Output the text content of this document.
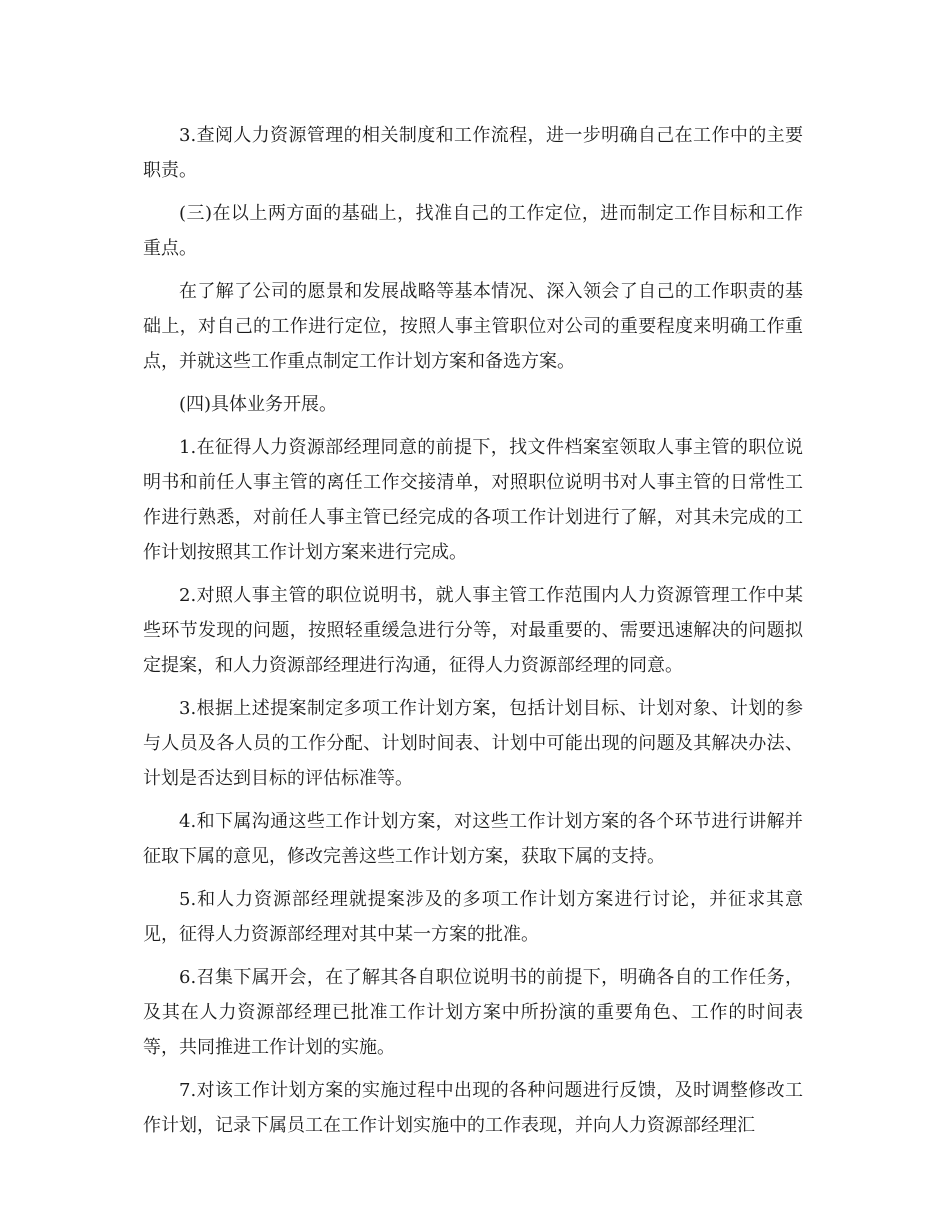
3.查阅人力资源管理的相关制度和工作流程，进一步明确自己在工作中的主要职责。

(三)在以上两方面的基础上，找准自己的工作定位，进而制定工作目标和工作重点。

在了解了公司的愿景和发展战略等基本情况、深入领会了自己的工作职责的基础上，对自己的工作进行定位，按照人事主管职位对公司的重要程度来明确工作重点，并就这些工作重点制定工作计划方案和备选方案。

(四)具体业务开展。

1.在征得人力资源部经理同意的前提下，找文件档案室领取人事主管的职位说明书和前任人事主管的离任工作交接清单，对照职位说明书对人事主管的日常性工作进行熟悉，对前任人事主管已经完成的各项工作计划进行了解，对其未完成的工作计划按照其工作计划方案来进行完成。

2.对照人事主管的职位说明书，就人事主管工作范围内人力资源管理工作中某些环节发现的问题，按照轻重缓急进行分等，对最重要的、需要迅速解决的问题拟定提案，和人力资源部经理进行沟通，征得人力资源部经理的同意。

3.根据上述提案制定多项工作计划方案，包括计划目标、计划对象、计划的参与人员及各人员的工作分配、计划时间表、计划中可能出现的问题及其解决办法、计划是否达到目标的评估标准等。

4.和下属沟通这些工作计划方案，对这些工作计划方案的各个环节进行讲解并征取下属的意见，修改完善这些工作计划方案，获取下属的支持。

5.和人力资源部经理就提案涉及的多项工作计划方案进行讨论，并征求其意见，征得人力资源部经理对其中某一方案的批准。

6.召集下属开会，在了解其各自职位说明书的前提下，明确各自的工作任务，及其在人力资源部经理已批准工作计划方案中所扮演的重要角色、工作的时间表等，共同推进工作计划的实施。

7.对该工作计划方案的实施过程中出现的各种问题进行反馈，及时调整修改工作计划，记录下属员工在工作计划实施中的工作表现，并向人力资源部经理汇
